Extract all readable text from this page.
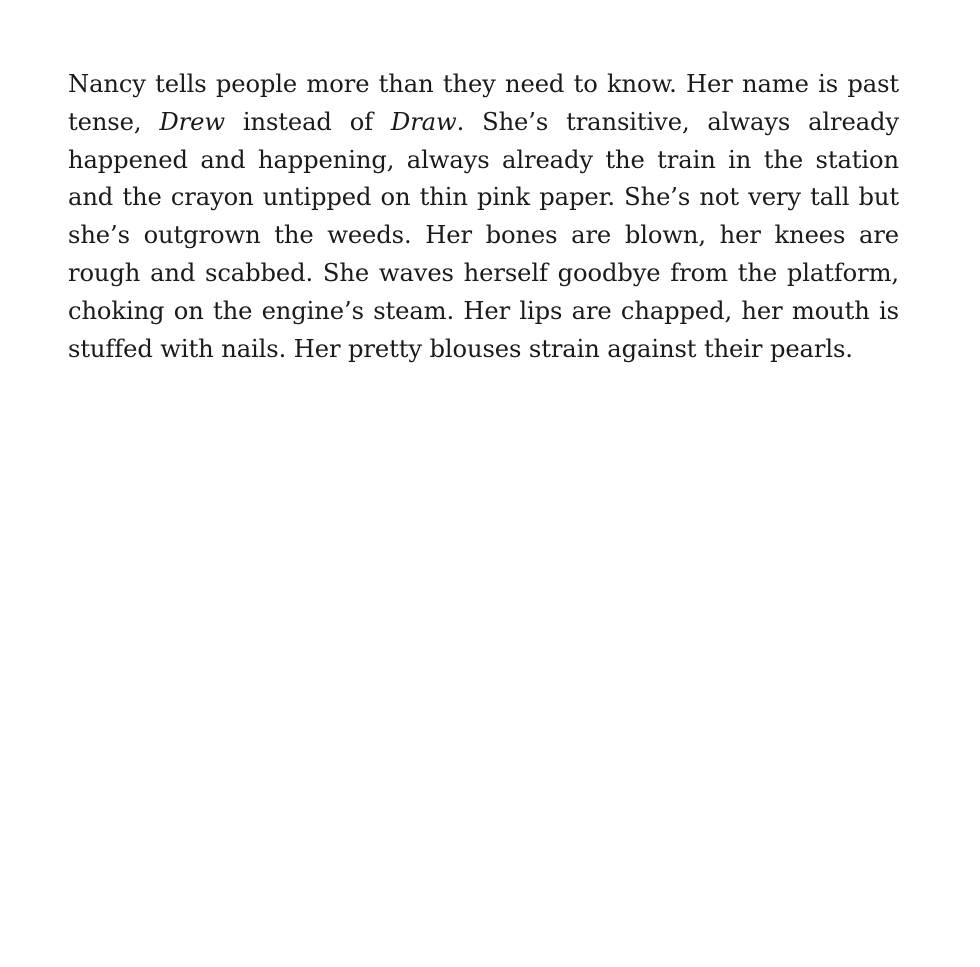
Nancy tells people more than they need to know. Her name is past tense, Drew instead of Draw. She’s transitive, always already happened and happening, always already the train in the station and the crayon untipped on thin pink paper. She’s not very tall but she’s outgrown the weeds. Her bones are blown, her knees are rough and scabbed. She waves herself goodbye from the platform, choking on the engine’s steam. Her lips are chapped, her mouth is stuffed with nails. Her pretty blouses strain against their pearls.
